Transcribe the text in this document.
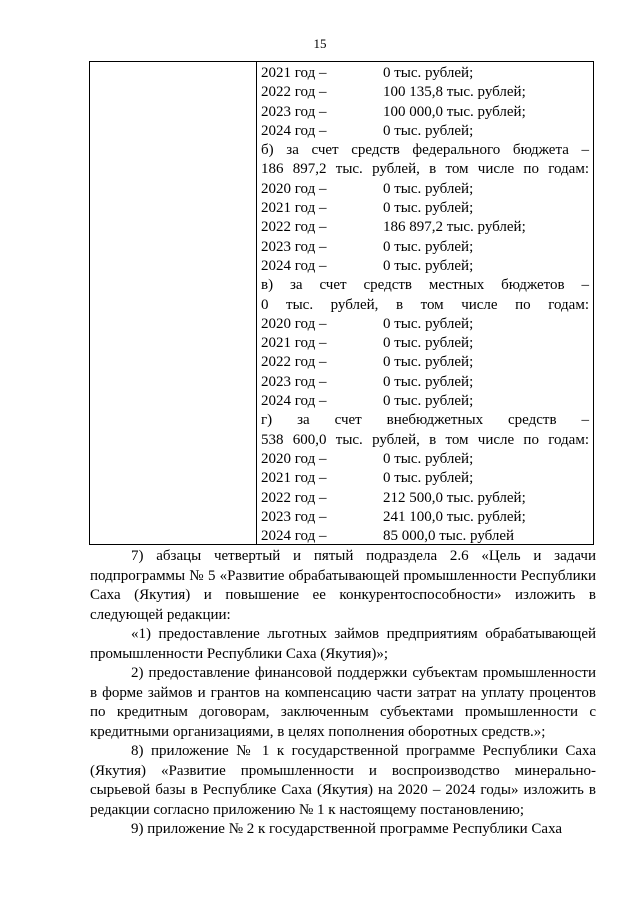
15
2021 год –	0 тыс. рублей;
2022 год –	100 135,8 тыс. рублей;
2023 год –	100 000,0 тыс. рублей;
2024 год –	0 тыс. рублей;
б) за счет средств федерального бюджета –
186 897,2 тыс. рублей, в том числе по годам:
2020 год –	0 тыс. рублей;
2021 год –	0 тыс. рублей;
2022 год –	186 897,2 тыс. рублей;
2023 год –	0 тыс. рублей;
2024 год –	0 тыс. рублей;
в) за счет средств местных бюджетов –
0 тыс. рублей, в том числе по годам:
2020 год –	0 тыс. рублей;
2021 год –	0 тыс. рублей;
2022 год –	0 тыс. рублей;
2023 год –	0 тыс. рублей;
2024 год –	0 тыс. рублей;
г) за счет внебюджетных средств –
538 600,0 тыс. рублей, в том числе по годам:
2020 год –	0 тыс. рублей;
2021 год –	0 тыс. рублей;
2022 год –	212 500,0 тыс. рублей;
2023 год –	241 100,0 тыс. рублей;
2024 год –	85 000,0 тыс. рублей

7) абзацы четвертый и пятый подраздела 2.6 «Цель и задачи подпрограммы № 5 «Развитие обрабатывающей промышленности Республики Саха (Якутия) и повышение ее конкурентоспособности» изложить в следующей редакции:

«1) предоставление льготных займов предприятиям обрабатывающей промышленности Республики Саха (Якутия)»;

2) предоставление финансовой поддержки субъектам промышленности в форме займов и грантов на компенсацию части затрат на уплату процентов по кредитным договорам, заключенным субъектами промышленности с кредитными организациями, в целях пополнения оборотных средств.»;

8) приложение № 1 к государственной программе Республики Саха (Якутия) «Развитие промышленности и воспроизводство минерально-сырьевой базы в Республике Саха (Якутия) на 2020 – 2024 годы» изложить в редакции согласно приложению № 1 к настоящему постановлению;

9) приложение № 2 к государственной программе Республики Саха
